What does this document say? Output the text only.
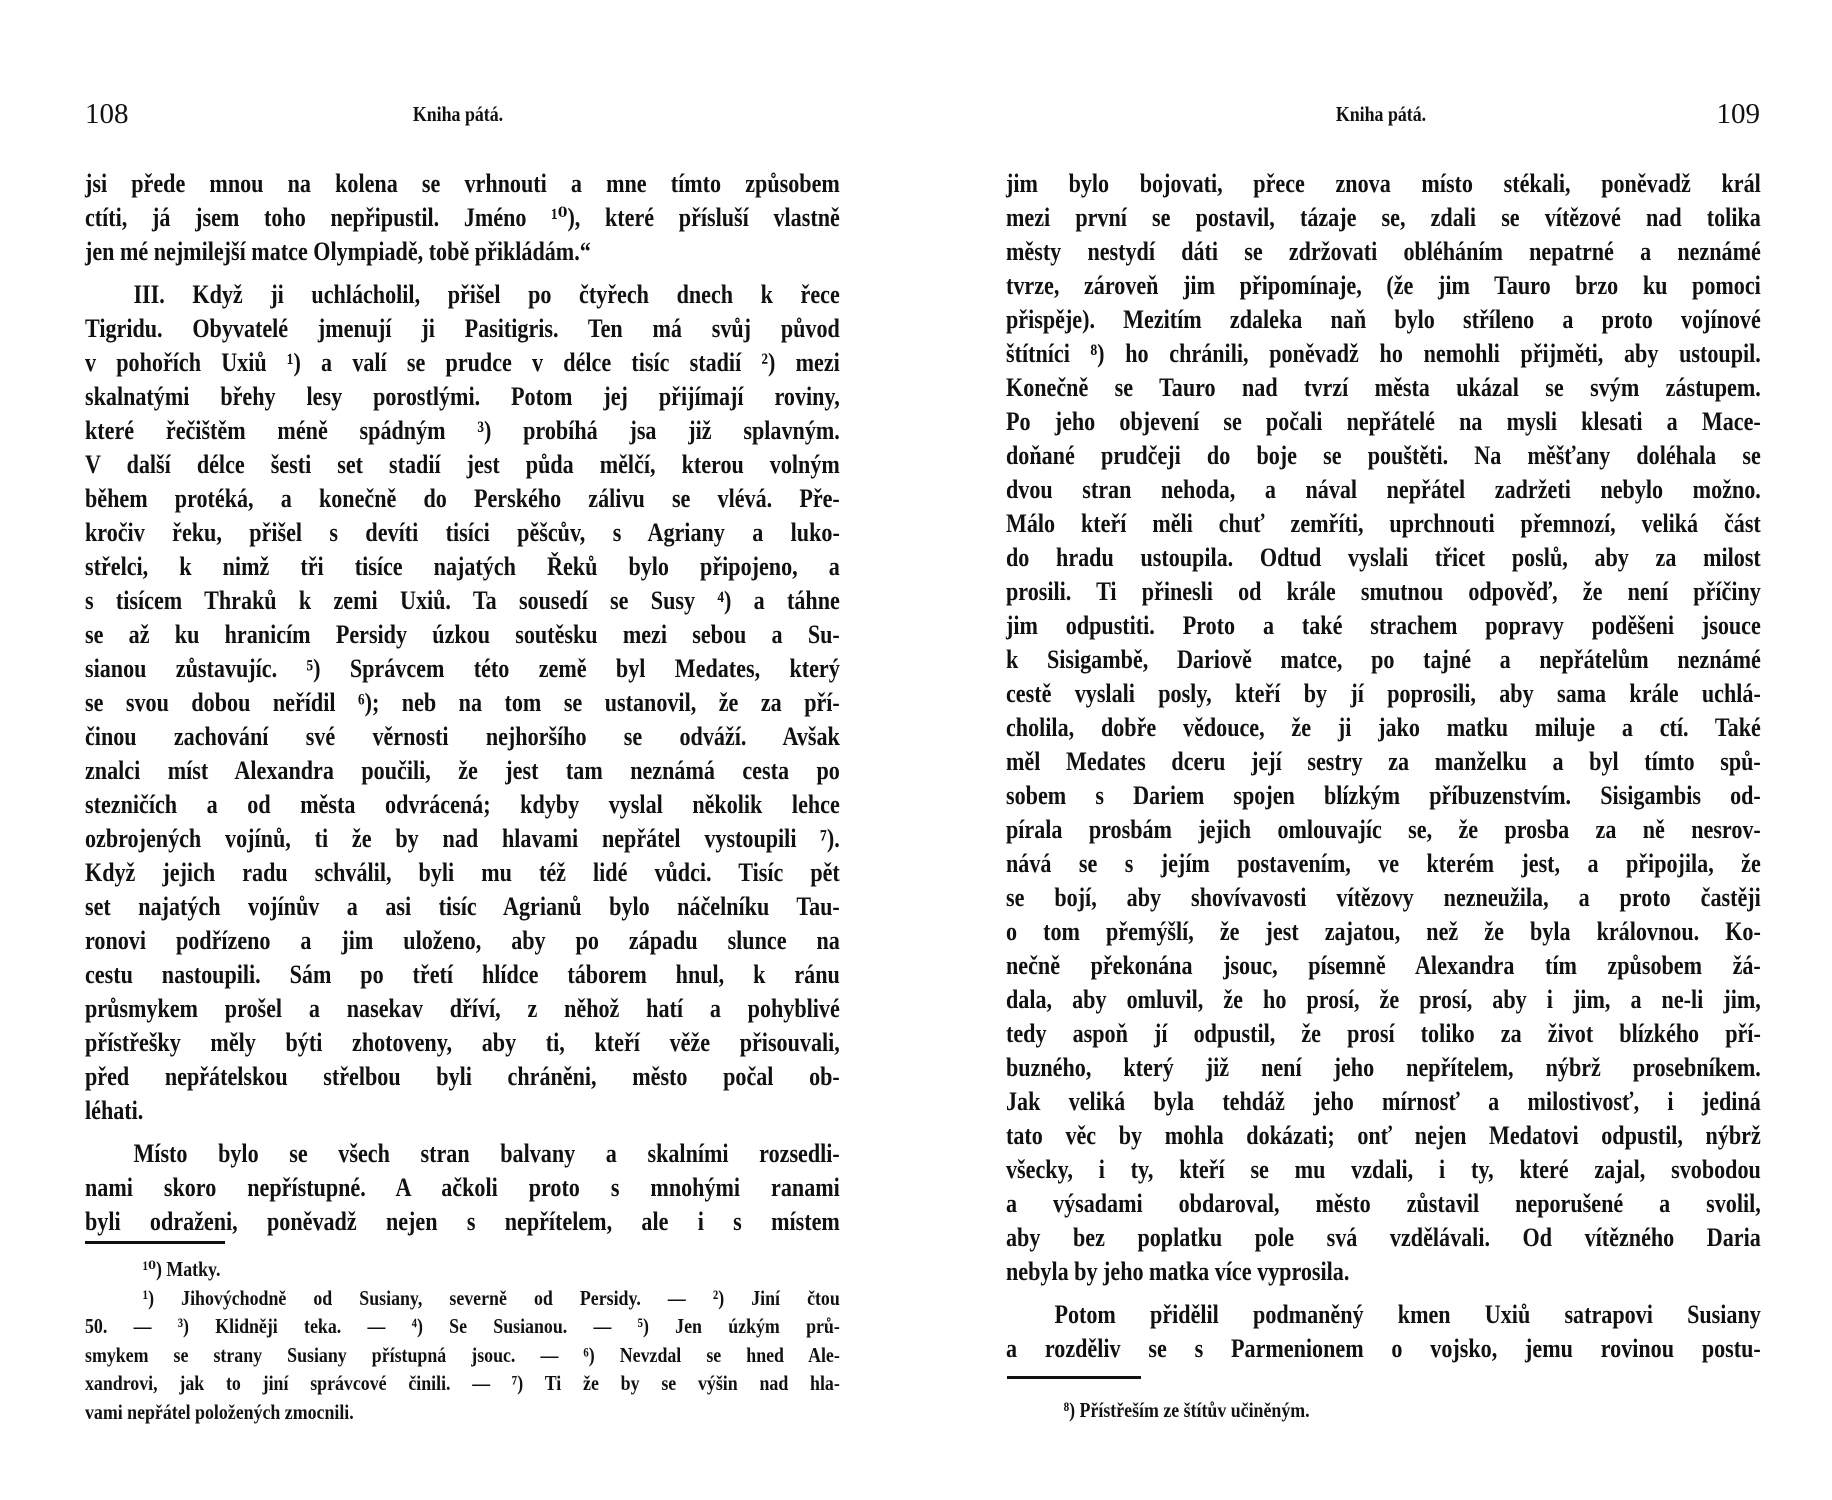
108	Kniha pátá.
jsi přede mnou na kolena se vrhnouti a mne tímto způsobem
ctíti, já jsem toho nepřipustil. Jméno ¹⁰), které přísluší vlastně
jen mé nejmilejší matce Olympiadě, tobě přikládám.“
III. Když ji uchlácholil, přišel po čtyřech dnech k řece
Tigridu. Obyvatelé jmenují ji Pasitigris. Ten má svůj původ
v pohořích Uxiů ¹) a valí se prudce v délce tisíc stadií ²) mezi
skalnatými břehy lesy porostlými. Potom jej přijímají roviny,
které řečištěm méně spádným ³) probíhá jsa již splavným.
V další délce šesti set stadií jest půda mělčí, kterou volným
během protéká, a konečně do Perského zálivu se vlévá. Pře-
kročiv řeku, přišel s devíti tisíci pěšcův, s Agriany a luko-
střelci, k nimž tři tisíce najatých Řeků bylo připojeno, a
s tisícem Thraků k zemi Uxiů. Ta sousedí se Susy ⁴) a táhne
se až ku hranicím Persidy úzkou soutěsku mezi sebou a Su-
sianou zůstavujíc. ⁵) Správcem této země byl Medates, který
se svou dobou neřídil ⁶); neb na tom se ustanovil, že za pří-
činou zachování své věrnosti nejhoršího se odváží. Avšak
znalci míst Alexandra poučili, že jest tam neznámá cesta po
stezničích a od města odvrácená; kdyby vyslal několik lehce
ozbrojených vojínů, ti že by nad hlavami nepřátel vystoupili ⁷).
Když jejich radu schválil, byli mu též lidé vůdci. Tisíc pět
set najatých vojínův a asi tisíc Agrianů bylo náčelníku Tau-
ronovi podřízeno a jim uloženo, aby po západu slunce na
cestu nastoupili. Sám po třetí hlídce táborem hnul, k ránu
průsmykem prošel a nasekav dříví, z něhož hatí a pohyblivé
přístřešky měly býti zhotoveny, aby ti, kteří věže přisouvali,
před nepřátelskou střelbou byli chráněni, město počal ob-
léhati.
Místo bylo se všech stran balvany a skalními rozsedli-
nami skoro nepřístupné. A ačkoli proto s mnohými ranami
byli odraženi, poněvadž nejen s nepřítelem, ale i s místem
¹⁰) Matky.
¹) Jihovýchodně od Susiany, severně od Persidy. — ²) Jiní čtou
50. — ³) Klidněji teka. — ⁴) Se Susianou. — ⁵) Jen úzkým prů-
smykem se strany Susiany přístupná jsouc. — ⁶) Nevzdal se hned Ale-
xandrovi, jak to jiní správcové činili. — ⁷) Ti že by se výšin nad hla-
vami nepřátel položených zmocnili.
Kniha pátá.	109
jim bylo bojovati, přece znova místo stékali, poněvadž král
mezi první se postavil, tázaje se, zdali se vítězové nad tolika
městy nestydí dáti se zdržovati obléháním nepatrné a neznámé
tvrze, zároveň jim připomínaje, (že jim Tauro brzo ku pomoci
přispěje). Mezitím zdaleka naň bylo stříleno a proto vojínové
štítníci ⁸) ho chránili, poněvadž ho nemohli přijměti, aby ustoupil.
Konečně se Tauro nad tvrzí města ukázal se svým zástupem.
Po jeho objevení se počali nepřátelé na mysli klesati a Mace-
doňané prudčeji do boje se pouštěti. Na měšťany doléhala se
dvou stran nehoda, a nával nepřátel zadržeti nebylo možno.
Málo kteří měli chuť zemříti, uprchnouti přemnozí, veliká část
do hradu ustoupila. Odtud vyslali třicet poslů, aby za milost
prosili. Ti přinesli od krále smutnou odpověď, že není příčiny
jim odpustiti. Proto a také strachem popravy poděšeni jsouce
k Sisigambě, Dariově matce, po tajné a nepřátelům neznámé
cestě vyslali posly, kteří by jí poprosili, aby sama krále uchlá-
cholila, dobře vědouce, že ji jako matku miluje a ctí. Také
měl Medates dceru její sestry za manželku a byl tímto spů-
sobem s Dariem spojen blízkým příbuzenstvím. Sisigambis od-
pírala prosbám jejich omlouvajíc se, že prosba za ně nesrov-
nává se s jejím postavením, ve kterém jest, a připojila, že
se bojí, aby shovívavosti vítězovy nezneužila, a proto častěji
o tom přemýšlí, že jest zajatou, než že byla královnou. Ko-
nečně překonána jsouc, písemně Alexandra tím způsobem žá-
dala, aby omluvil, že ho prosí, že prosí, aby i jim, a ne-li jim,
tedy aspoň jí odpustil, že prosí toliko za život blízkého pří-
buzného, který již není jeho nepřítelem, nýbrž prosebníkem.
Jak veliká byla tehdáž jeho mírnosť a milostivosť, i jediná
tato věc by mohla dokázati; onť nejen Medatovi odpustil, nýbrž
všecky, i ty, kteří se mu vzdali, i ty, které zajal, svobodou
a výsadami obdaroval, město zůstavil neporušené a svolil,
aby bez poplatku pole svá vzdělávali. Od vítězného Daria
nebyla by jeho matka více vyprosila.
Potom přidělil podmaněný kmen Uxiů satrapovi Susiany
a rozděliv se s Parmenionem o vojsko, jemu rovinou postu-
⁸) Přístřeším ze štítův učiněným.
